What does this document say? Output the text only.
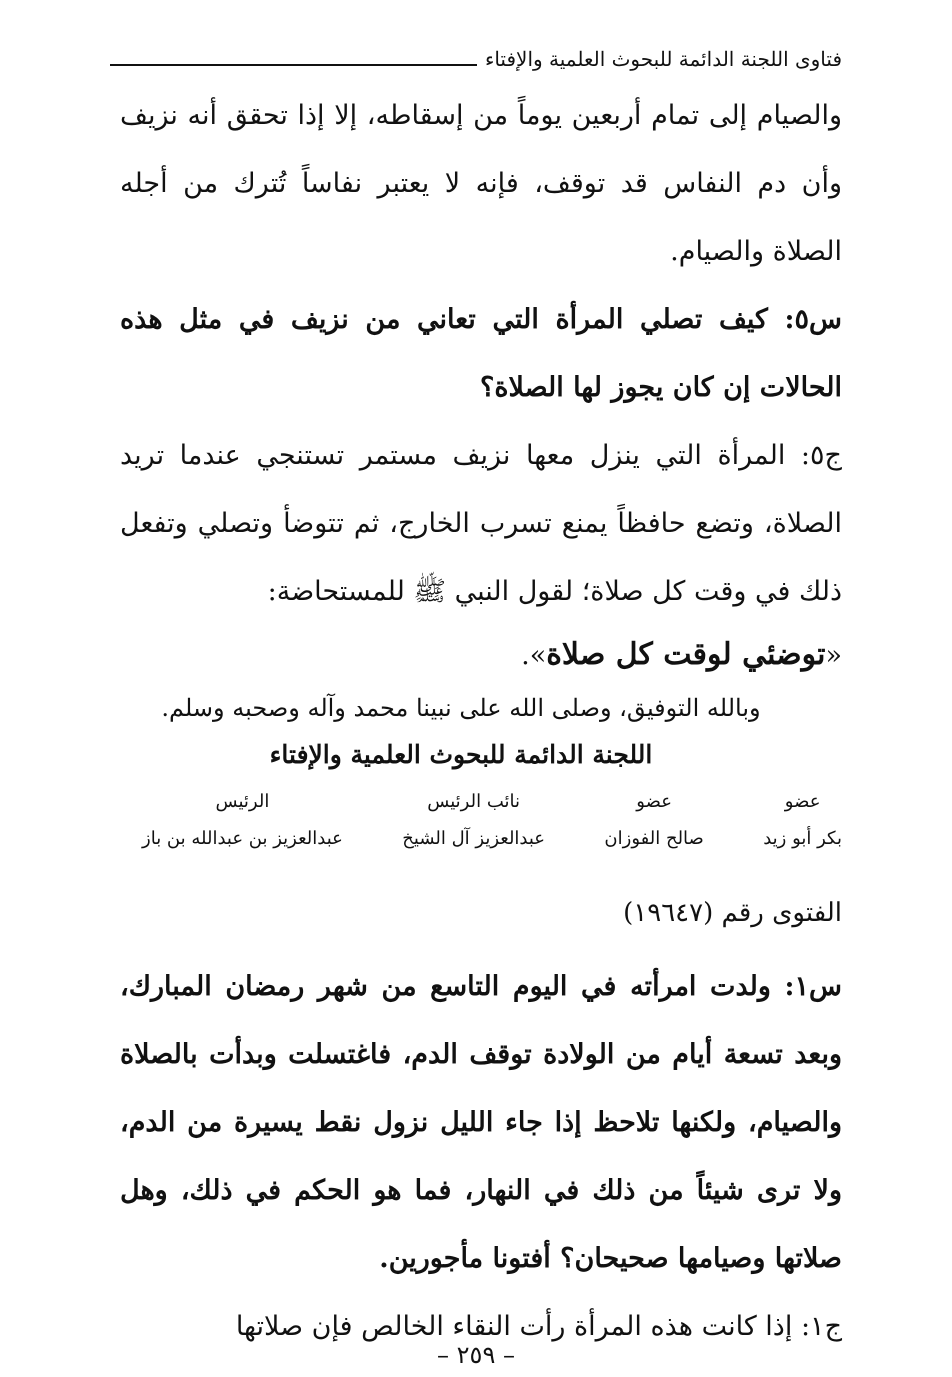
فتاوى اللجنة الدائمة للبحوث العلمية والإفتاء

والصيام إلى تمام أربعين يوماً من إسقاطه، إلا إذا تحقق أنه نزيف وأن دم النفاس قد توقف، فإنه لا يعتبر نفاساً تُترك من أجله الصلاة والصيام.

س٥: كيف تصلي المرأة التي تعاني من نزيف في مثل هذه الحالات إن كان يجوز لها الصلاة؟

ج٥: المرأة التي ينزل معها نزيف مستمر تستنجي عندما تريد الصلاة، وتضع حافظاً يمنع تسرب الخارج، ثم تتوضأ وتصلي وتفعل ذلك في وقت كل صلاة؛ لقول النبي ﷺ للمستحاضة:

«توضئي لوقت كل صلاة».

وبالله التوفيق، وصلى الله على نبينا محمد وآله وصحبه وسلم.

اللجنة الدائمة للبحوث العلمية والإفتاء

عضو
بكر أبو زيد
عضو
صالح الفوزان
نائب الرئيس
عبدالعزيز آل الشيخ
الرئيس
عبدالعزيز بن عبدالله بن باز

الفتوى رقم (١٩٦٤٧)

س١: ولدت امرأته في اليوم التاسع من شهر رمضان المبارك، وبعد تسعة أيام من الولادة توقف الدم، فاغتسلت وبدأت بالصلاة والصيام، ولكنها تلاحظ إذا جاء الليل نزول نقط يسيرة من الدم، ولا ترى شيئاً من ذلك في النهار، فما هو الحكم في ذلك، وهل صلاتها وصيامها صحيحان؟ أفتونا مأجورين.

ج١: إذا كانت هذه المرأة رأت النقاء الخالص فإن صلاتها

– ٢٥٩ –
